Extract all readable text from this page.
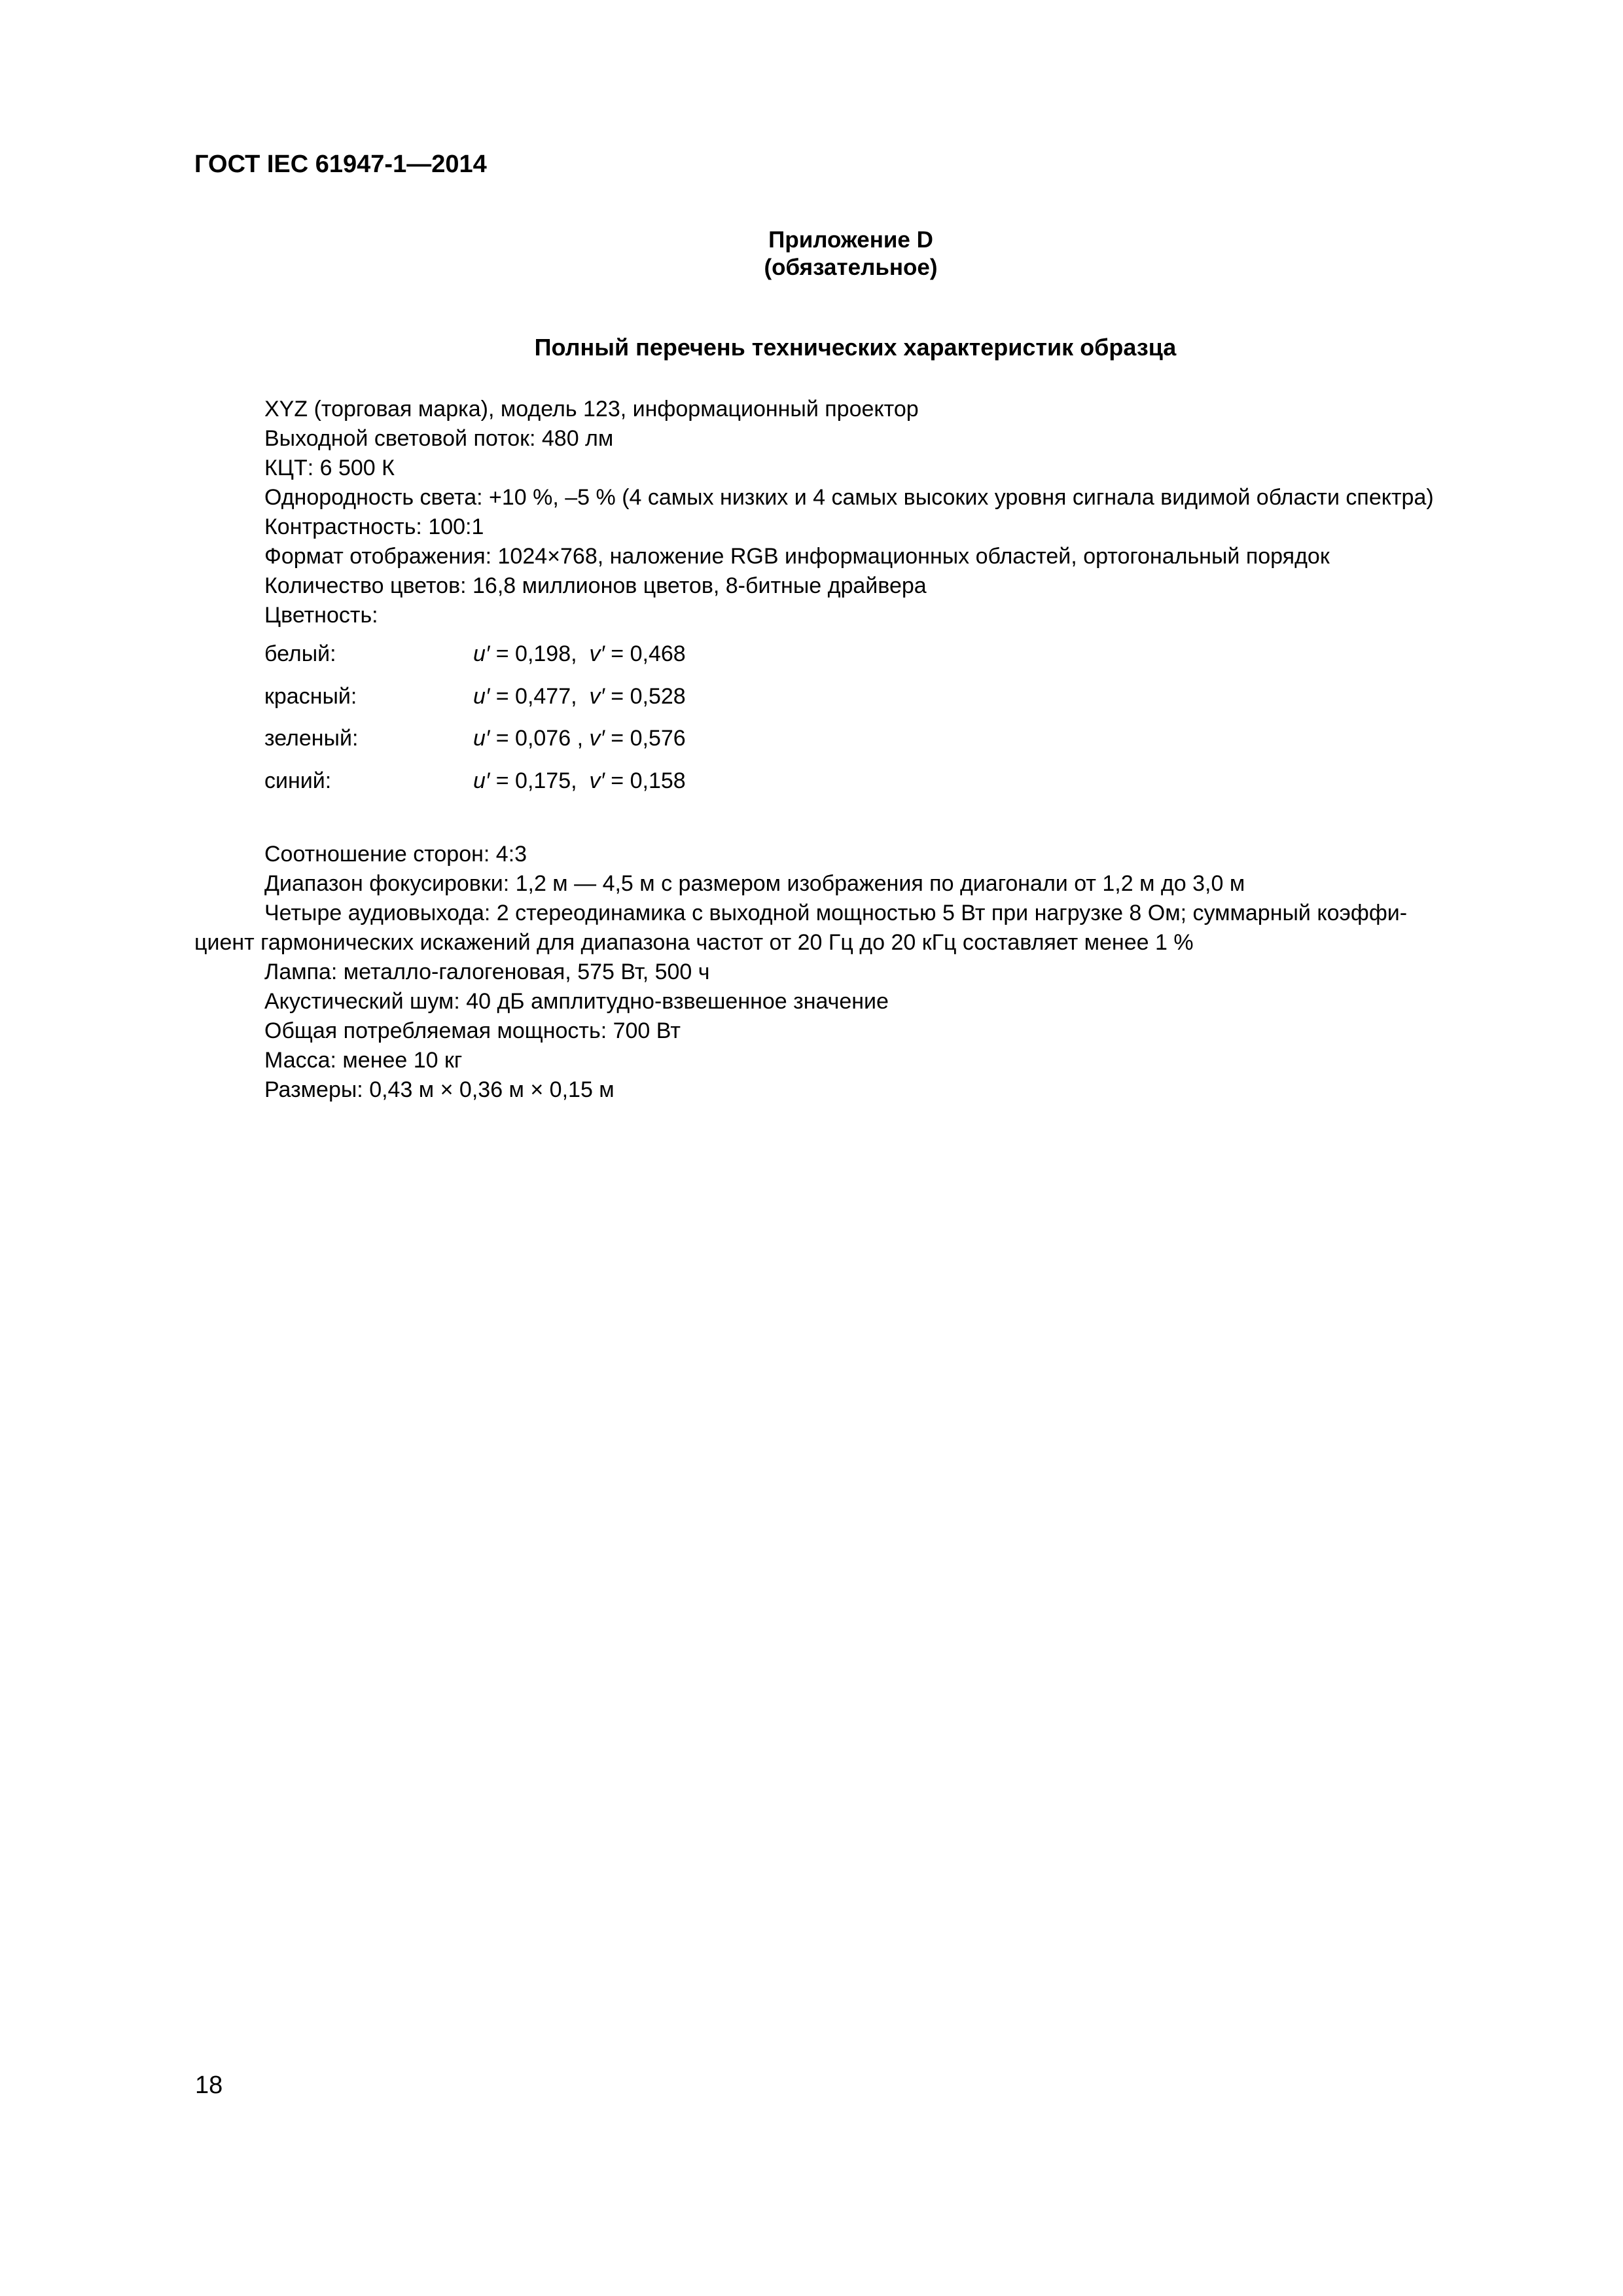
ГОСТ IEC 61947-1—2014
Приложение D
(обязательное)
Полный перечень технических характеристик образца
XYZ (торговая марка), модель 123, информационный проектор
Выходной световой поток: 480 лм
КЦТ: 6 500 К
Однородность света: +10 %, –5 % (4 самых низких и 4 самых высоких уровня сигнала видимой области спектра)
Контрастность: 100:1
Формат отображения: 1024×768, наложение RGB информационных областей, ортогональный порядок
Количество цветов: 16,8 миллионов цветов, 8-битные драйвера
Цветность:
белый:	u′ = 0,198,  v′ = 0,468
красный:	u′ = 0,477,  v′ = 0,528
зеленый:	u′ = 0,076 , v′ = 0,576
синий:	u′ = 0,175,  v′ = 0,158
Соотношение сторон: 4:3
Диапазон фокусировки: 1,2 м — 4,5 м с размером изображения по диагонали от 1,2 м до 3,0 м
Четыре аудиовыхода: 2 стереодинамика с выходной мощностью 5 Вт при нагрузке 8 Ом; суммарный коэффи-
циент гармонических искажений для диапазона частот от 20 Гц до 20 кГц составляет менее 1 %
Лампа: металло-галогеновая, 575 Вт, 500 ч
Акустический шум: 40 дБ амплитудно-взвешенное значение
Общая потребляемая мощность: 700 Вт
Масса: менее 10 кг
Размеры: 0,43 м × 0,36 м × 0,15 м
18
